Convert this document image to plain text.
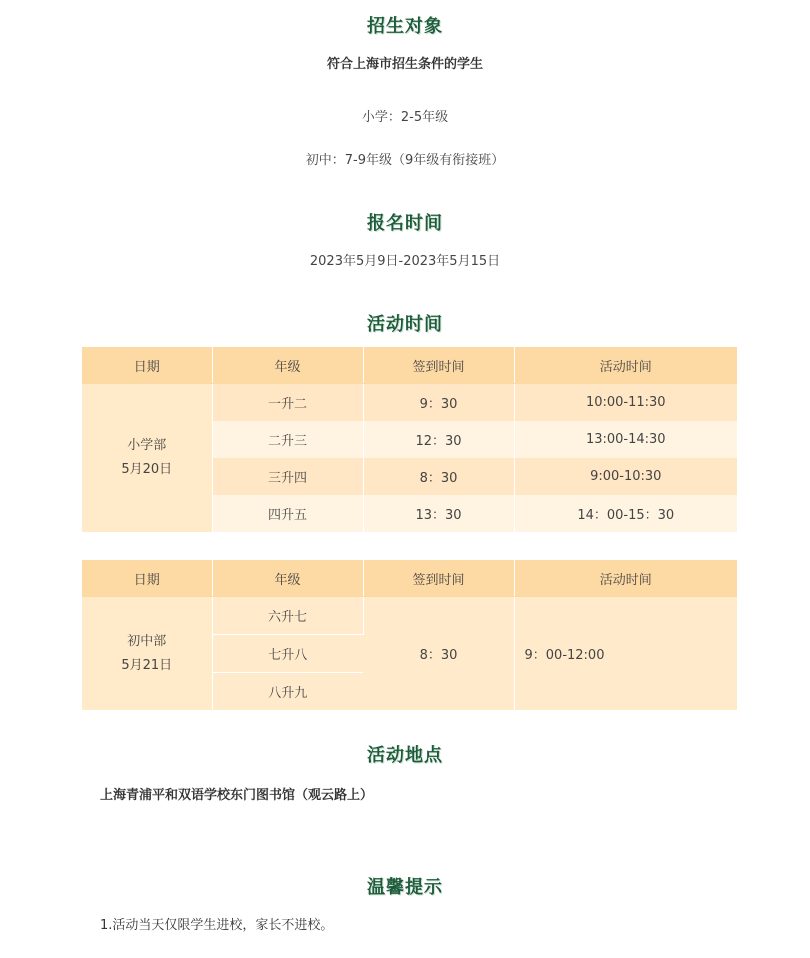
招生对象
符合上海市招生条件的学生
小学：2-5年级
初中：7-9年级（9年级有衔接班）
报名时间
2023年5月9日-2023年5月15日
活动时间
日期	年级	签到时间	活动时间

小学部
5月20日	一升二	9：30	10:00-11:30
	二升三	12：30	13:00-14:30
	三升四	8：30	9:00-10:30
	四升五	13：30	14：00-15：30
日期	年级	签到时间	活动时间

初中部
5月21日	六升七	8：30	9：00-12:00
	七升八		
	八升九		
活动地点
上海青浦平和双语学校东门图书馆（观云路上）
温馨提示
1.活动当天仅限学生进校，家长不进校。
